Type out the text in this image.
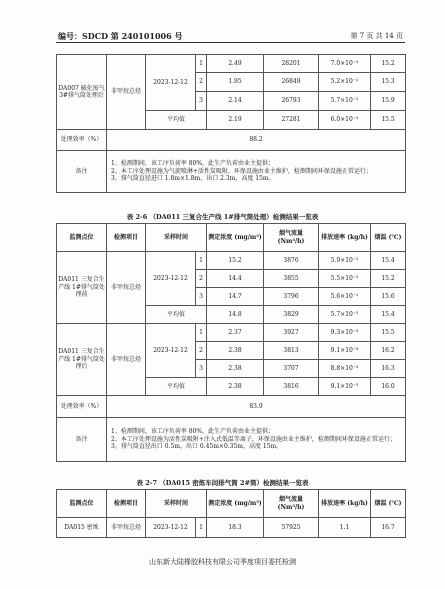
编号：SDCD 第 240101006 号	第 7 页 共 14 页
DA007 硫化废气 3#排气筒处理后	非甲烷总烃	2023-12-12	1	2.49	28201	7.0×10⁻²	15.2
			2	1.95	26849	5.2×10⁻²	15.3
			3	2.14	26793	5.7×10⁻²	15.9
		平均值		2.19	27281	6.0×10⁻²	15.5
处理效率（%）	88.2						
备注	1、检测期间，该工序负荷率 80%，此生产负荷由业主提供；
2、本工序处理设施为气旋喷淋+活性炭吸附，环保设施由业主维护，检测期间环保设施正常运行；
3、排气筒直径进口 1.8m×1.8m，出口 2.3m，高度 15m。						
表 2-6 （DA011 三复合生产线 1#排气筒处理）检测结果一览表
监测点位	检测项目	采样时间		测定浓度 (mg/m³)	烟气流量 (Nm³/h)	排放速率 (kg/h)	烟温 (℃)
DA011 三复合生产线 1#排气筒处理前	非甲烷总烃	2023-12-12	1	15.2	3876	5.9×10⁻²	15.4
			2	14.4	3855	5.5×10⁻²	15.2
			3	14.7	3796	5.6×10⁻²	15.6
		平均值		14.8	3829	5.7×10⁻²	15.4
DA011 三复合生产线 1#排气筒处理后	非甲烷总烃	2023-12-12	1	2.37	3927	9.3×10⁻³	15.5
			2	2.38	3813	9.1×10⁻³	16.2
			3	2.38	3707	8.8×10⁻³	16.3
		平均值		2.38	3816	9.1×10⁻³	16.0
处理效率（%）	83.9						
备注	1、检测期间，该工序负荷率 80%，此生产负荷由业主提供；
2、本工序处理设施为活性炭吸附+注入式低温等离子，环保设施由业主维护，检测期间环保设施正常运行；
3、排气筒直径出口 0.5m，出口 0.45m×0.35m，高度 15m。						
表 2-7 （DA015 密炼车间排气筒 2#筒）检测结果一览表
监测点位	检测项目	采样时间		测定浓度 (mg/m³)	烟气流量 (Nm³/h)	排放速率 (kg/h)	烟温 (℃)
DA015 密炼	非甲烷总烃	2023-12-12	1	18.3	57925	1.1	16.7
山东新大陆橡胶科技有限公司季度项目委托检测
